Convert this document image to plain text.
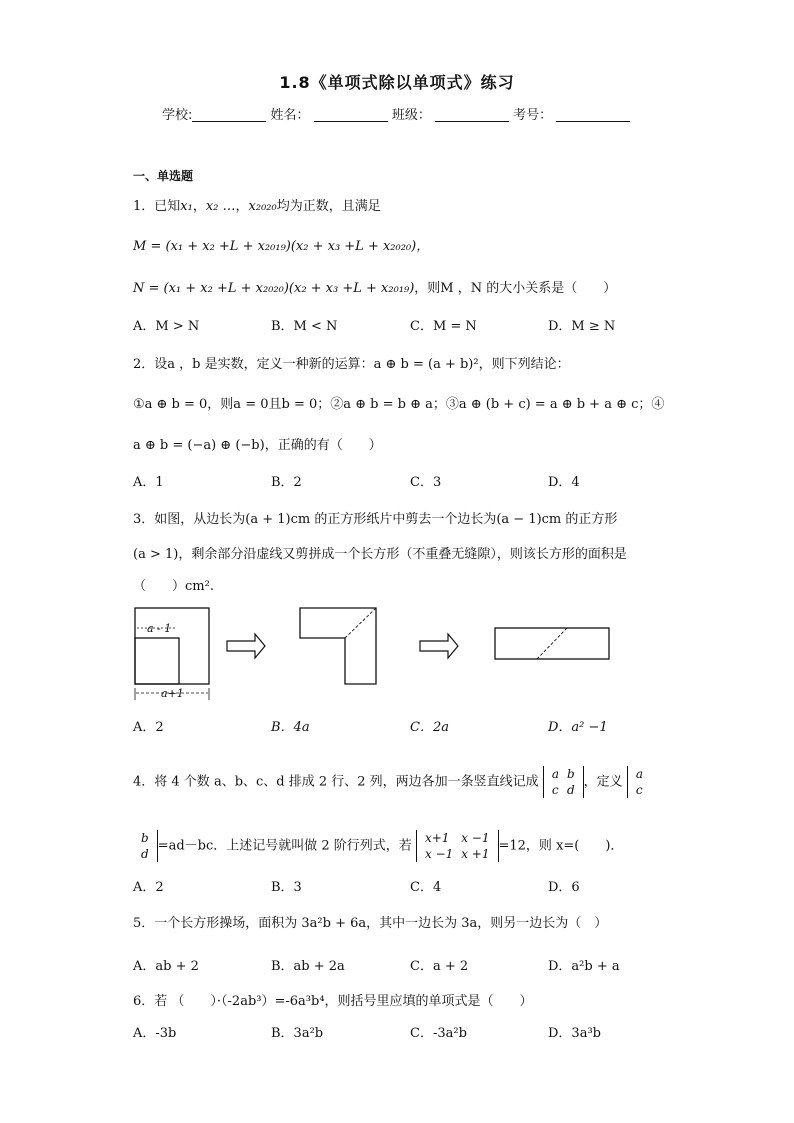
1.8《单项式除以单项式》练习
学校:	姓名：	班级：	考号：
一、单选题
1．已知x₁，x₂ …，x₂₀₂₀均为正数，且满足
M = (x₁ + x₂ +L + x₂₀₁₉)(x₂ + x₃ +L + x₂₀₂₀)，
N = (x₁ + x₂ +L + x₂₀₂₀)(x₂ + x₃ +L + x₂₀₁₉)，则M ，N 的大小关系是（　　）
A．M > N	B．M < N	C．M = N	D．M ≥ N
2．设a ，b 是实数，定义一种新的运算：a ⊕ b = (a + b)²，则下列结论：
①a ⊕ b = 0，则a = 0且b = 0；②a ⊕ b = b ⊕ a；③a ⊕ (b + c) = a ⊕ b + a ⊕ c；④
a ⊕ b = (−a) ⊕ (−b)，正确的有（　　）
A．1	B．2	C．3	D．4
3．如图，从边长为(a + 1)cm 的正方形纸片中剪去一个边长为(a − 1)cm 的正方形
(a > 1)，剩余部分沿虚线又剪拼成一个长方形（不重叠无缝隙），则该长方形的面积是
（　　）cm².
a - 1
a+1
A．2	B．4a	C．2a	D．a² −1
4．将 4 个数 a、b、c、d 排成 2 行、2 列，两边各加一条竖直线记成
a	b
c	d
，定义
a
c
b
d
=ad－bc．上述记号就叫做 2 阶行列式，若
x+1	x −1
x −1	x +1
=12，则 x=(　　)．
A．2	B．3	C．4	D．6
5．一个长方形操场，面积为 3a²b + 6a，其中一边长为 3a，则另一边长为（　）
A．ab + 2	B．ab + 2a	C．a + 2	D．a²b + a
6．若 （　　）·（-2ab³）=-6a³b⁴，则括号里应填的单项式是（　　）
A．-3b	B．3a²b	C．-3a²b	D．3a³b
